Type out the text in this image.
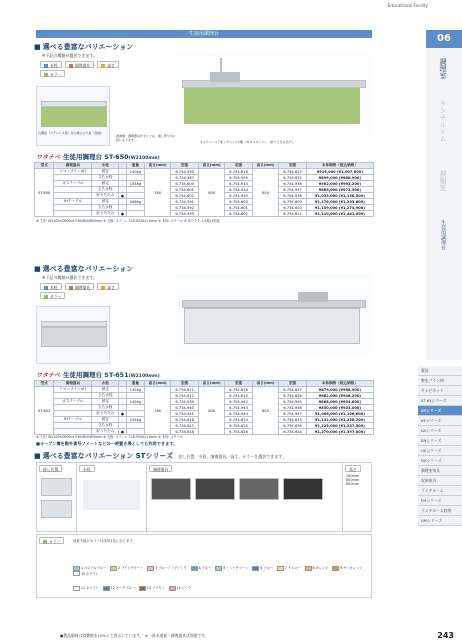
Educational Facility
06
調理室
ランチルーム
被服室
生徒用調理台
生徒用調理台
■ 選べる豊富なバリエーション
※下記の種類が選択できます。
水栓	調理器具	高さ
カラー
丸棚板（ステンレス製）付の場合の天板（別途）
湯沸器・調理器具付タイプは、通し部分が2段になります	①ステンレス天板 / ②シンク2槽 / ③(ガスタイプ)　 (折りたたみ吊戸)
ワタナベ 生徒用調理台 ST-650(W2100mm)
型式	調理器具	水栓		重量	高さ(mm)	型番	高さ(mm)	型番	高さ(mm)	型番	本体価格（税込価格）
ST-650	ドロップイン4口	固定	-	140kg	760	6-754-595	800	6-754-616	850	6-754-625	¥916,000 (¥1,007,600)
		立ち水栓	-			6-754-587		6-754-595		6-754-632	¥899,000 (¥988,900)
	ガステーブル	固定	-	153kg		6-754-600		6-754-933		6-754-936	¥902,000 (¥992,200)
		立ち水栓	-			6-754-601		6-754-934		6-754-937	¥885,000 (¥973,500)
		折りたたみ	●			6-754-602		6-754-935		6-754-938	¥1,035,000 (¥1,138,500)
	IHテーブル	固定	-	166kg		6-754-591		6-754-600		6-754-609	¥1,176,000 (¥1,293,600)
		立ち水栓	-			6-754-592		6-754-601		6-754-610	¥1,159,000 (¥1,274,900)
		折りたたみ	●			6-754-593		6-754-602		6-754-611	¥1,310,000 (¥1,441,000)
※ 寸法: W2100×D900×H760/800/850mm ※ 天板: ステンレス(SUS304)1.0mm ※ 本体: スチール ※ 折りたたみ水栓は別途
■ 選べる豊富なバリエーション
※下記の種類が選択できます。
水栓	調理器具	高さ
カラー
ワタナベ 生徒用調理台 ST-651(W2100mm)
型式	調理器具	水栓		重量	高さ(mm)	型番	高さ(mm)	型番	高さ(mm)	型番	本体価格（税込価格）
ST-651	ドロップイン4口	固定	-	139kg	760	6-754-611	800	6-754-616	850	6-754-627	¥879,000 (¥966,900)
		立ち水栓	-			6-754-612		6-754-625		6-754-626	¥862,000 (¥948,200)
	ガステーブル	固定	-	142kg		6-754-939		6-754-942		6-754-945	¥868,000 (¥954,800)
		立ち水栓	-			6-754-940		6-754-943		6-754-946	¥850,000 (¥935,000)
		折りたたみ	●			6-754-941		6-754-944		6-754-947	¥1,006,000 (¥1,106,600)
	IHテーブル	固定	-	155kg		6-754-616		6-754-624		6-754-633	¥1,142,000 (¥1,256,200)
		立ち水栓	-			6-754-617		6-754-625		6-754-634	¥1,125,000 (¥1,237,500)
		折りたたみ	●			6-754-618		6-754-626		6-754-634	¥1,270,000 (¥1,397,000)
※ 寸法: W2100×D900×H760/800/850mm ※ 天板: ステンレス(SUS304)1.0mm ※ 本体: スチール
■オーブン槽を散外番号ソメートなどの一時置き場としても利用できます。
■ 選べる豊富なバリエーション STシリーズ 流し位置、水栓、調理器具、高さ、カラーを選択できます。
流し位置	水栓	調理器具	高さ
760mm
800mm
850mm
カラー	取扱天板のカラーは本体1色になります。
1 パステルブルー	2 ライトグリーン	3 ブルーミングピンク	4 ブルー	5 ミントグリーン	6 ブルー	7 イエロー	8 オレンジ	9 サンオレンジ10 ホワイト
11 ホワイト	12 オークブルー	13 ブラウン	14 ピンク
薬局
教室プラン例
キャビネット
ST-64シリーズ
STシリーズ
KEシリーズ
KAシリーズ
ENシリーズ
UXシリーズ
DXシリーズ
調理室家具
収納家具
ランチルーム
FMシリーズ
ランチルーム収納
UMシリーズ
●製品価格は消費税を10%とて表示しています。 ※一部水道業・調理器具は別途です。	243
